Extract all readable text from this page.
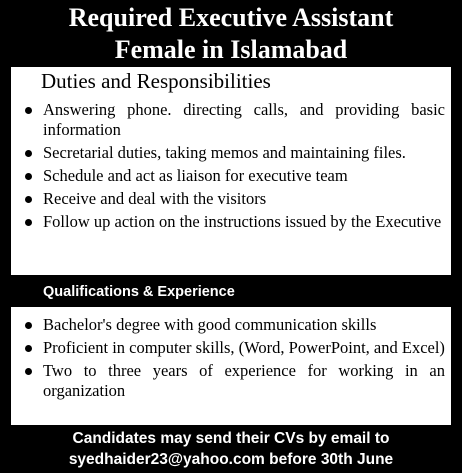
Required Executive Assistant
Female in Islamabad
Duties and Responsibilities
Answering phone. directing calls, and providing basic information
Secretarial duties, taking memos and maintaining files.
Schedule and act as liaison for executive team
Receive and deal with the visitors
Follow up action on the instructions issued by the Executive
Qualifications & Experience
Bachelor's degree with good communication skills
Proficient in computer skills, (Word, PowerPoint, and Excel)
Two to three years of experience for working in an organization
Candidates may send their CVs by email to
syedhaider23@yahoo.com before 30th June
